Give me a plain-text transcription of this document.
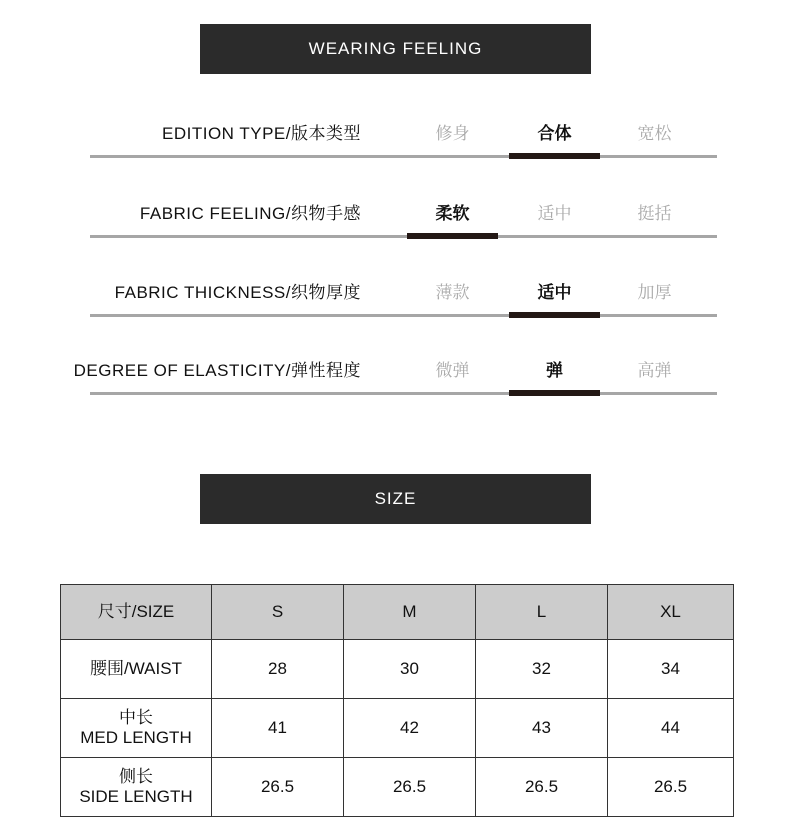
WEARING FEELING
EDITION TYPE/版本类型	修身	合体	宽松
FABRIC FEELING/织物手感	柔软	适中	挺括
FABRIC THICKNESS/织物厚度	薄款	适中	加厚
DEGREE OF ELASTICITY/弹性程度	微弹	弹	高弹
SIZE
尺寸/SIZE	S	M	L	XL

腰围/WAIST	28	30	32	34

中长
MED LENGTH	41	42	43	44

侧长
SIDE LENGTH	26.5	26.5	26.5	26.5
